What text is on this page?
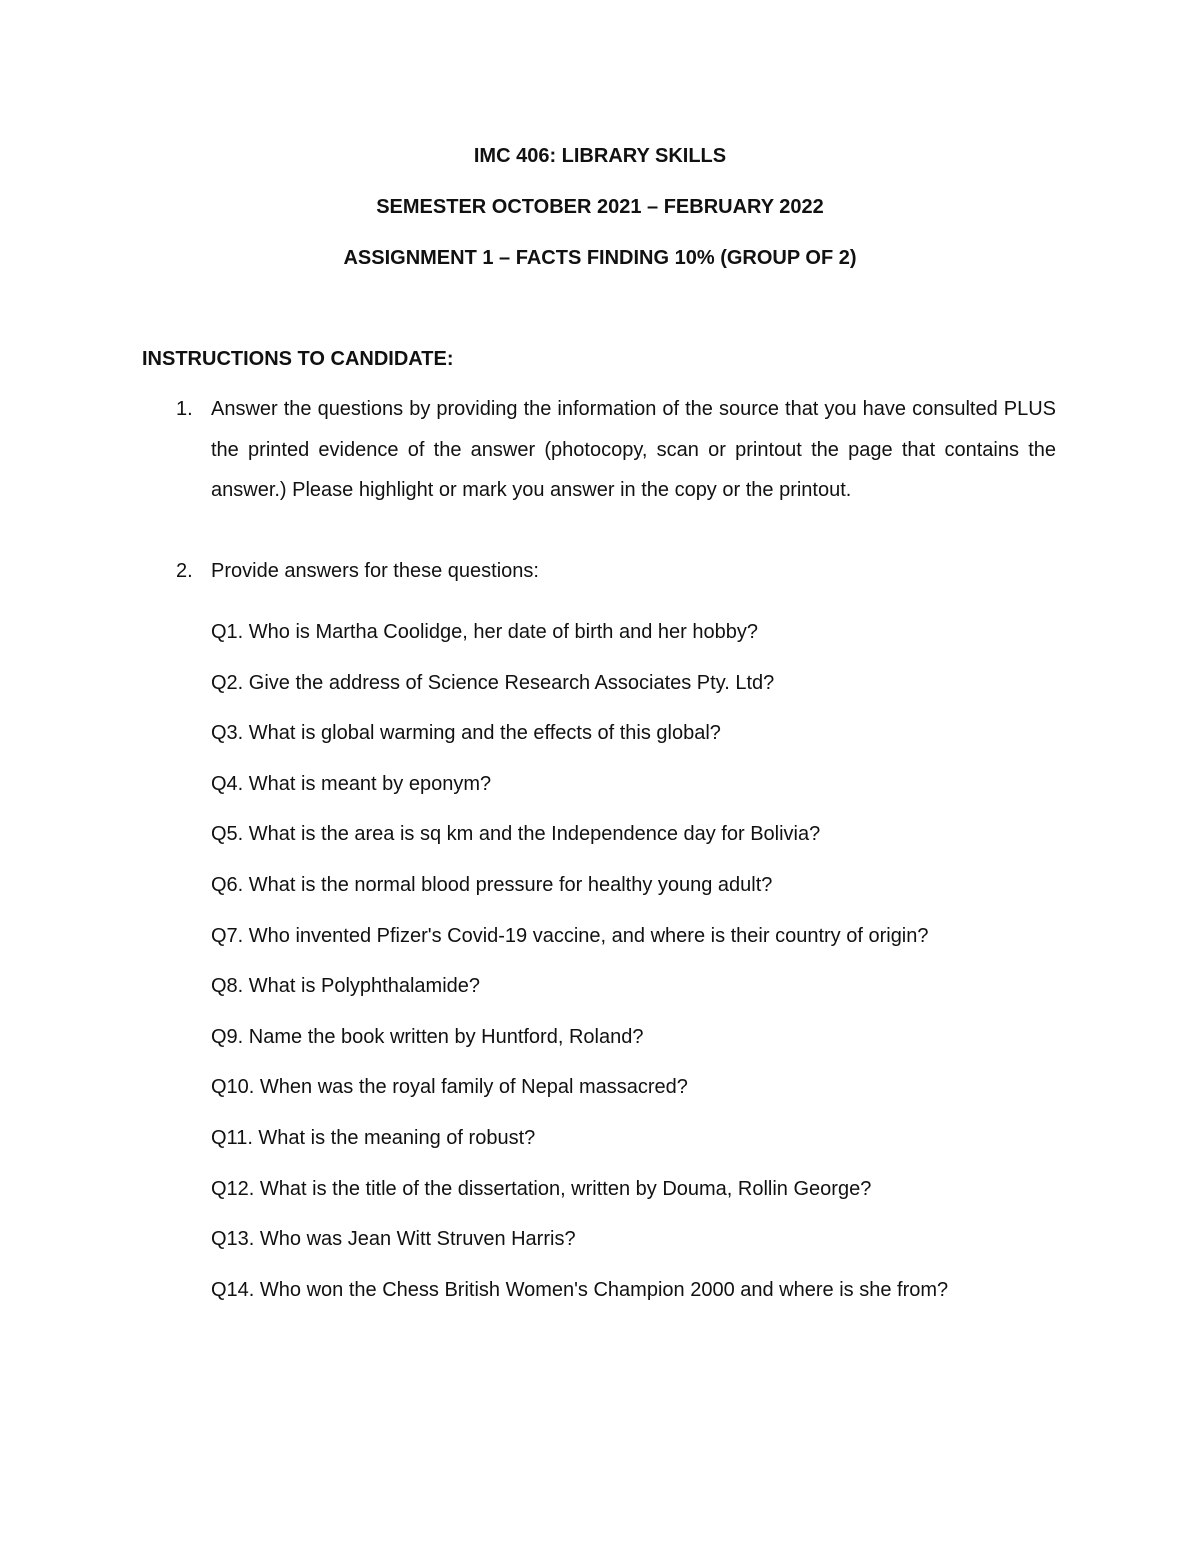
IMC 406: LIBRARY SKILLS
SEMESTER OCTOBER 2021 – FEBRUARY 2022
ASSIGNMENT 1 – FACTS FINDING 10% (GROUP OF 2)
INSTRUCTIONS TO CANDIDATE:
1. Answer the questions by providing the information of the source that you have consulted PLUS the printed evidence of the answer (photocopy, scan or printout the page that contains the answer.) Please highlight or mark you answer in the copy or the printout.
2. Provide answers for these questions:
Q1. Who is Martha Coolidge, her date of birth and her hobby?
Q2. Give the address of Science Research Associates Pty. Ltd?
Q3. What is global warming and the effects of this global?
Q4. What is meant by eponym?
Q5. What is the area is sq km and the Independence day for Bolivia?
Q6. What is the normal blood pressure for healthy young adult?
Q7. Who invented Pfizer's Covid-19 vaccine, and where is their country of origin?
Q8. What is Polyphthalamide?
Q9. Name the book written by Huntford, Roland?
Q10. When was the royal family of Nepal massacred?
Q11. What is the meaning of robust?
Q12. What is the title of the dissertation, written by Douma, Rollin George?
Q13. Who was Jean Witt Struven Harris?
Q14. Who won the Chess British Women's Champion 2000 and where is she from?
